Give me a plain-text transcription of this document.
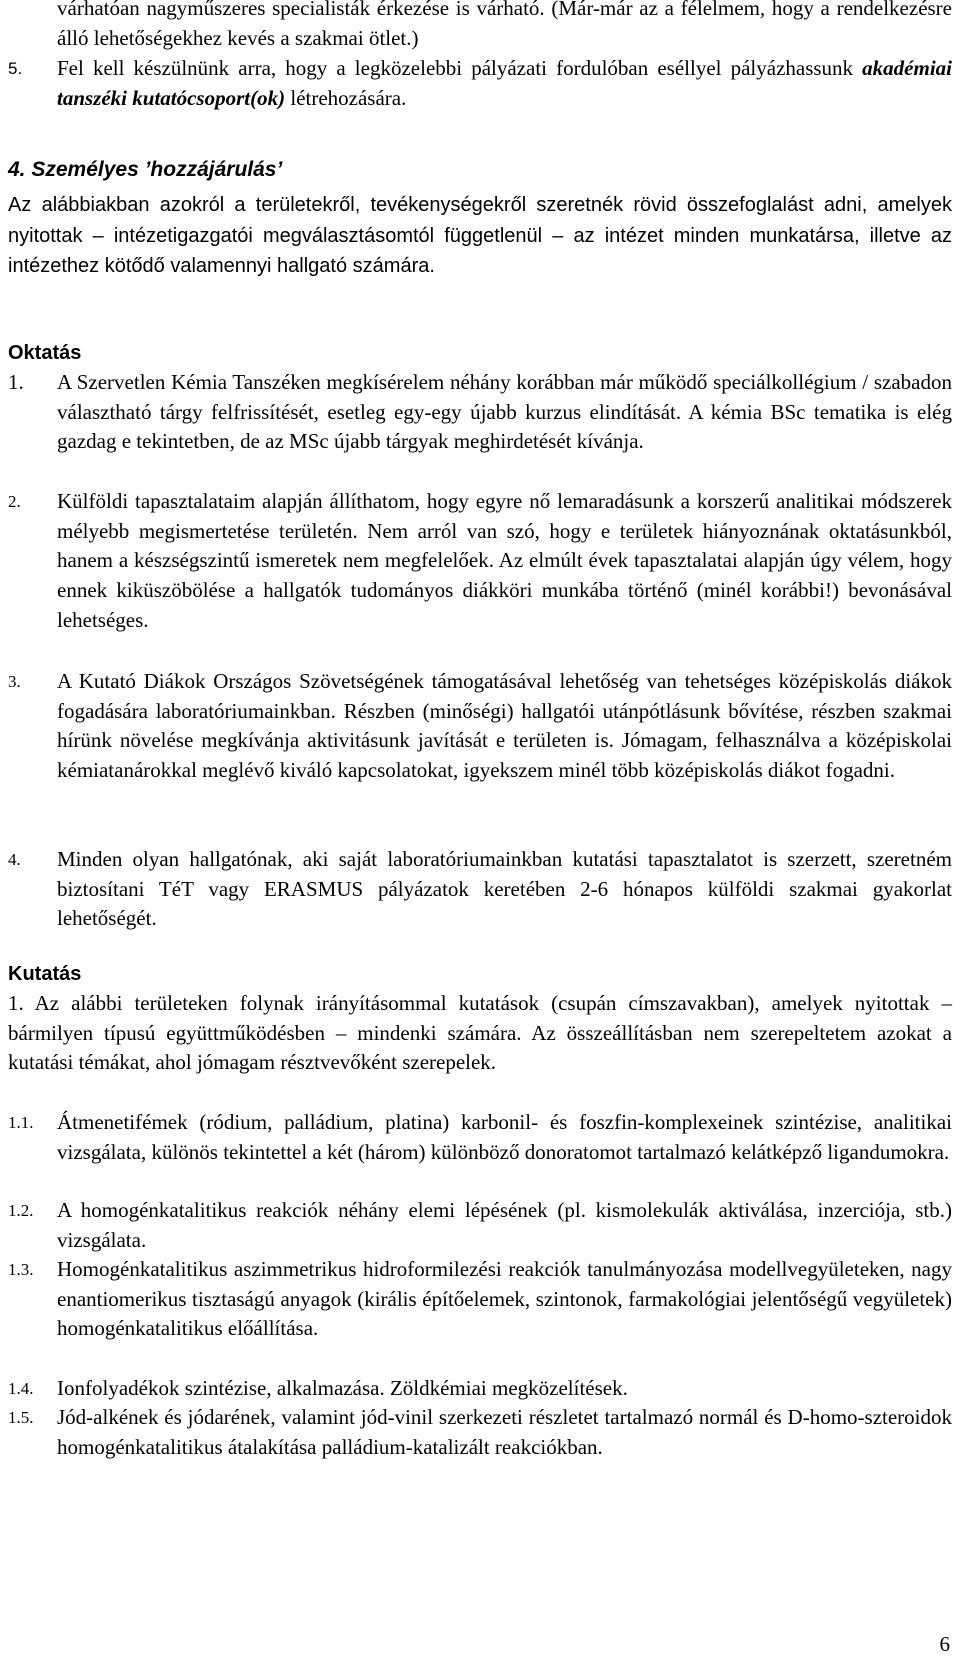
várhatóan nagyműszeres specialisták érkezése is várható. (Már-már az a félelmem, hogy a rendelkezésre álló lehetőségekhez kevés a szakmai ötlet.)
5. Fel kell készülnünk arra, hogy a legközelebbi pályázati fordulóban eséllyel pályázhassunk akadémiai tanszéki kutatócsoport(ok) létrehozására.
4. Személyes ’hozzájárulás’
Az alábbiakban azokról a területekről, tevékenységekről szeretnék rövid összefoglalást adni, amelyek nyitottak – intézetigazgatói megválasztásomtól függetlenül – az intézet minden munkatársa, illetve az intézethez kötődő valamennyi hallgató számára.
Oktatás
1. A Szervetlen Kémia Tanszéken megkísérelem néhány korábban már működő speciálkollégium / szabadon választható tárgy felfrissítését, esetleg egy-egy újabb kurzus elindítását. A kémia BSc tematika is elég gazdag e tekintetben, de az MSc újabb tárgyak meghirdetését kívánja.
2. Külföldi tapasztalataim alapján állíthatom, hogy egyre nő lemaradásunk a korszerű analitikai módszerek mélyebb megismertetése területén. Nem arról van szó, hogy e területek hiányoznának oktatásunkból, hanem a készségszintű ismeretek nem megfelelőek. Az elmúlt évek tapasztalatai alapján úgy vélem, hogy ennek kiküszöbölése a hallgatók tudományos diákköri munkába történő (minél korábbi!) bevonásával lehetséges.
3. A Kutató Diákok Országos Szövetségének támogatásával lehetőség van tehetséges középiskolás diákok fogadására laboratóriumainkban. Részben (minőségi) hallgatói utánpótlásunk bővítése, részben szakmai hírünk növelése megkívánja aktivitásunk javítását e területen is. Jómagam, felhasználva a középiskolai kémiatanárokkal meglévő kiváló kapcsolatokat, igyekszem minél több középiskolás diákot fogadni.
4. Minden olyan hallgatónak, aki saját laboratóriumainkban kutatási tapasztalatot is szerzett, szeretném biztosítani TéT vagy ERASMUS pályázatok keretében 2-6 hónapos külföldi szakmai gyakorlat lehetőségét.
Kutatás
1. Az alábbi területeken folynak irányításommal kutatások (csupán címszavakban), amelyek nyitottak – bármilyen típusú együttműködésben – mindenki számára. Az összeállításban nem szerepeltetem azokat a kutatási témákat, ahol jómagam résztvevőként szerepelek.
1.1. Átmenetifémek (ródium, palládium, platina) karbonil- és foszfin-komplexeinek szintézise, analitikai vizsgálata, különös tekintettel a két (három) különböző donoratomot tartalmazó kelátképző ligandumokra.
1.2. A homogénkatalitikus reakciók néhány elemi lépésének (pl. kismolekulák aktiválása, inzerciója, stb.) vizsgálata.
1.3. Homogénkatalitikus aszimmetrikus hidroformilezési reakciók tanulmányozása modellvegyületeken, nagy enantiomerikus tisztaságú anyagok (királis építőelemek, szintonok, farmakológiai jelentőségű vegyületek) homogénkatalitikus előállítása.
1.4. Ionfolyadékok szintézise, alkalmazása. Zöldkémiai megközelítések.
1.5. Jód-alkének és jódarének, valamint jód-vinil szerkezeti részletet tartalmazó normál és D-homo-szteroidok homogénkatalitikus átalakítása palládium-katalizált reakciókban.
6
